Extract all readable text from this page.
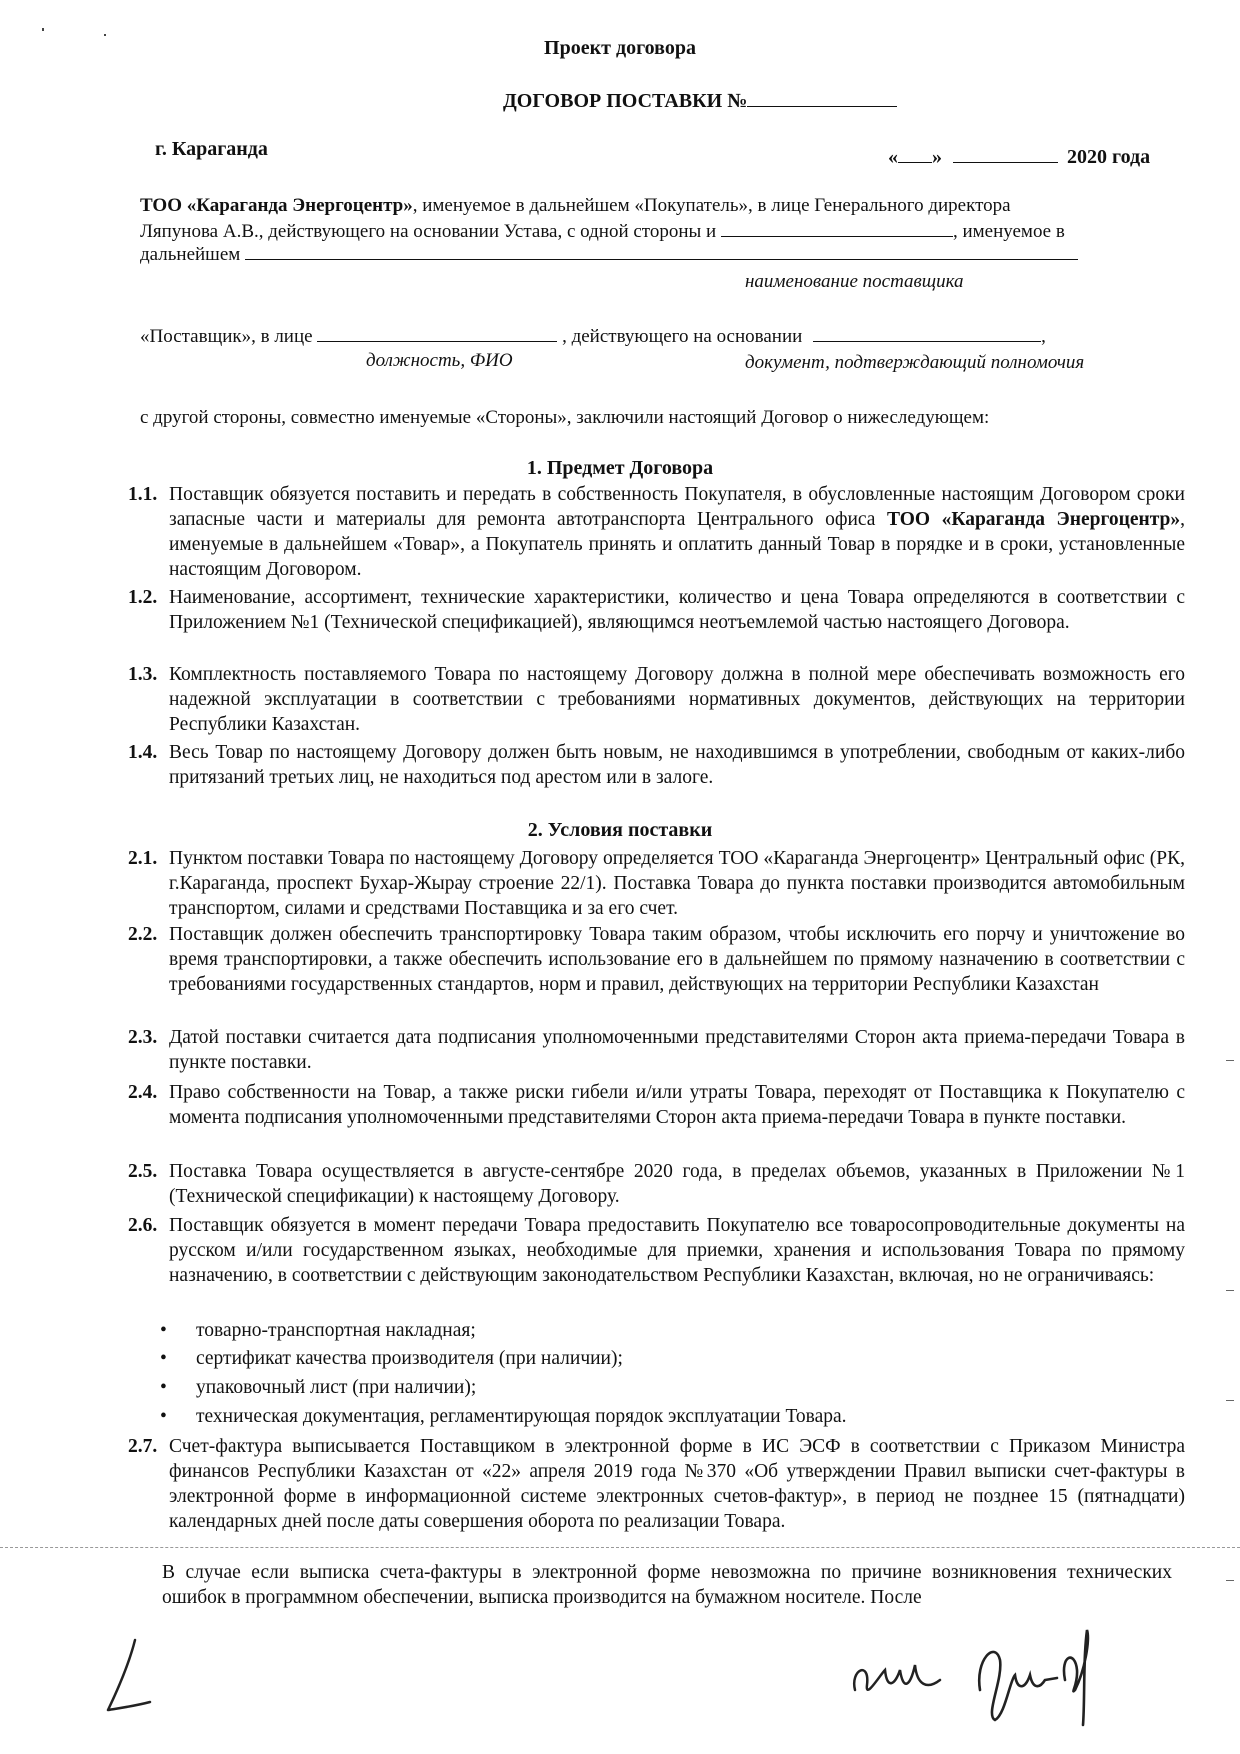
Проект договора
ДОГОВОР ПОСТАВКИ №
г. Караганда	« »	2020 года
ТОО «Караганда Энергоцентр», именуемое в дальнейшем «Покупатель», в лице Генерального директора
Ляпунова А.В., действующего на основании Устава, с одной стороны и	, именуемое в
дальнейшем
наименование поставщика
«Поставщик», в лице	, действующего на основании	,
должность, ФИО	документ, подтверждающий полномочия
с другой стороны, совместно именуемые «Стороны», заключили настоящий Договор о нижеследующем:
1. Предмет Договора
1.1. Поставщик обязуется поставить и передать в собственность Покупателя, в обусловленные настоящим Договором сроки запасные части и материалы для ремонта автотранспорта Центрального офиса ТОО «Караганда Энергоцентр», именуемые в дальнейшем «Товар», а Покупатель принять и оплатить данный Товар в порядке и в сроки, установленные настоящим Договором.
1.2. Наименование, ассортимент, технические характеристики, количество и цена Товара определяются в соответствии с Приложением №1 (Технической спецификацией), являющимся неотъемлемой частью настоящего Договора.
1.3. Комплектность поставляемого Товара по настоящему Договору должна в полной мере обеспечивать возможность его надежной эксплуатации в соответствии с требованиями нормативных документов, действующих на территории Республики Казахстан.
1.4. Весь Товар по настоящему Договору должен быть новым, не находившимся в употреблении, свободным от каких-либо притязаний третьих лиц, не находиться под арестом или в залоге.
2. Условия поставки
2.1. Пунктом поставки Товара по настоящему Договору определяется ТОО «Караганда Энергоцентр» Центральный офис (РК, г.Караганда, проспект Бухар-Жырау строение 22/1). Поставка Товара до пункта поставки производится автомобильным транспортом, силами и средствами Поставщика и за его счет.
2.2. Поставщик должен обеспечить транспортировку Товара таким образом, чтобы исключить его порчу и уничтожение во время транспортировки, а также обеспечить использование его в дальнейшем по прямому назначению в соответствии с требованиями государственных стандартов, норм и правил, действующих на территории Республики Казахстан
2.3. Датой поставки считается дата подписания уполномоченными представителями Сторон акта приема-передачи Товара в пункте поставки.
2.4. Право собственности на Товар, а также риски гибели и/или утраты Товара, переходят от Поставщика к Покупателю с момента подписания уполномоченными представителями Сторон акта приема-передачи Товара в пункте поставки.
2.5. Поставка Товара осуществляется в августе-сентябре 2020 года, в пределах объемов, указанных в Приложении №1 (Технической спецификации) к настоящему Договору.
2.6. Поставщик обязуется в момент передачи Товара предоставить Покупателю все товаросопроводительные документы на русском и/или государственном языках, необходимые для приемки, хранения и использования Товара по прямому назначению, в соответствии с действующим законодательством Республики Казахстан, включая, но не ограничиваясь:
• товарно-транспортная накладная;
• сертификат качества производителя (при наличии);
• упаковочный лист (при наличии);
• техническая документация, регламентирующая порядок эксплуатации Товара.
2.7. Счет-фактура выписывается Поставщиком в электронной форме в ИС ЭСФ в соответствии с Приказом Министра финансов Республики Казахстан от «22» апреля 2019 года №370 «Об утверждении Правил выписки счет-фактуры в электронной форме в информационной системе электронных счетов-фактур», в период не позднее 15 (пятнадцати) календарных дней после даты совершения оборота по реализации Товара.
В случае если выписка счета-фактуры в электронной форме невозможна по причине возникновения технических ошибок в программном обеспечении, выписка производится на бумажном носителе. После
